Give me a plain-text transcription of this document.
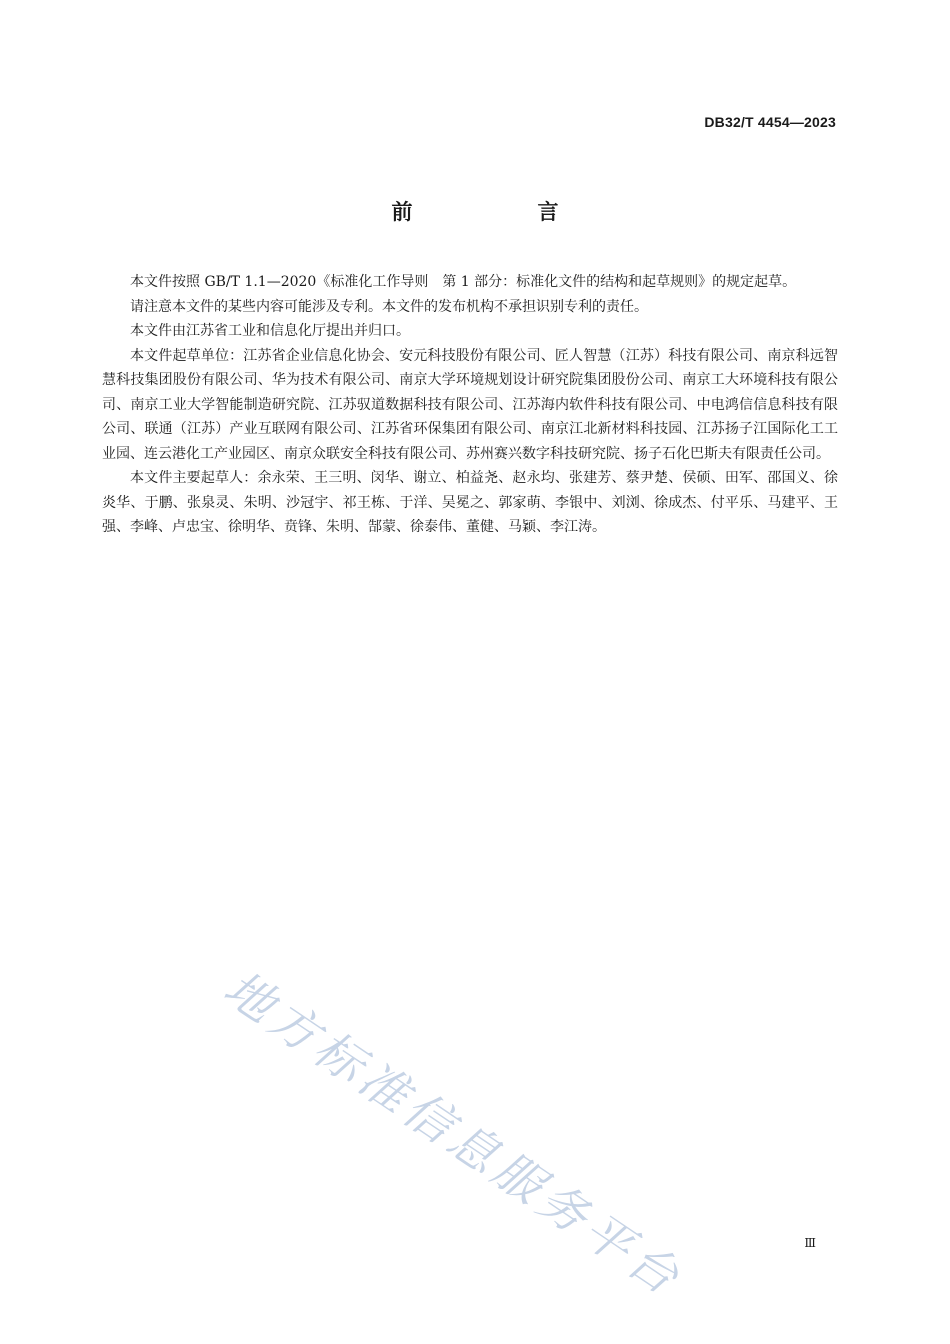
DB32/T 4454—2023
前　言

本文件按照 GB/T 1.1—2020《标准化工作导则　第 1 部分：标准化文件的结构和起草规则》的规定起草。

请注意本文件的某些内容可能涉及专利。本文件的发布机构不承担识别专利的责任。

本文件由江苏省工业和信息化厅提出并归口。

本文件起草单位：江苏省企业信息化协会、安元科技股份有限公司、匠人智慧（江苏）科技有限公司、南京科远智慧科技集团股份有限公司、华为技术有限公司、南京大学环境规划设计研究院集团股份公司、南京工大环境科技有限公司、南京工业大学智能制造研究院、江苏驭道数据科技有限公司、江苏海内软件科技有限公司、中电鸿信信息科技有限公司、联通（江苏）产业互联网有限公司、江苏省环保集团有限公司、南京江北新材料科技园、江苏扬子江国际化工工业园、连云港化工产业园区、南京众联安全科技有限公司、苏州赛兴数字科技研究院、扬子石化巴斯夫有限责任公司。

本文件主要起草人：余永荣、王三明、闵华、谢立、柏益尧、赵永均、张建芳、蔡尹楚、侯硕、田军、邵国义、徐炎华、于鹏、张泉灵、朱明、沙冠宇、祁王栋、于洋、吴冕之、郭家萌、李银中、刘浏、徐成杰、付平乐、马建平、王强、李峰、卢忠宝、徐明华、贲锋、朱明、郜蒙、徐泰伟、董健、马颖、李江涛。

地方标准信息服务平台	Ⅲ
